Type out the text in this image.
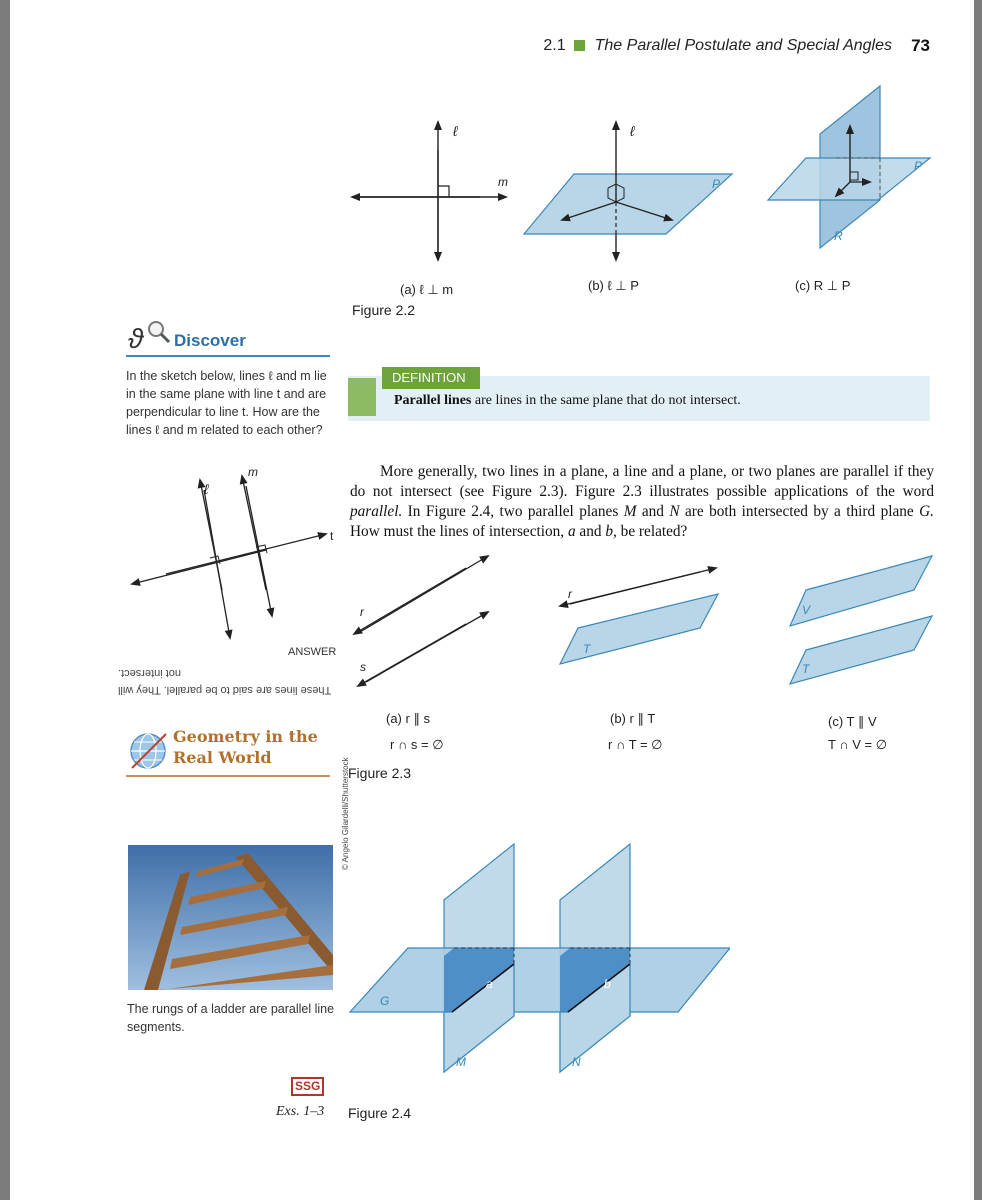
2.1 The Parallel Postulate and Special Angles 73
ℓ
m
(a) ℓ ⊥ m
ℓ
P
(b) ℓ ⊥ P
P
R
(c) R ⊥ P
Figure 2.2
ϑ Discover
In the sketch below, lines ℓ and m lie in the same plane with line t and are perpendicular to line t. How are the lines ℓ and m related to each other?
ℓ
m
t
ANSWER
These lines are said to be parallel. They will not intersect.
Geometry in the
Real World	© Angelo Gilardelli/Shutterstock
The rungs of a ladder are parallel line segments.
SSG
Exs. 1–3
DEFINITION
Parallel lines are lines in the same plane that do not intersect.
More generally, two lines in a plane, a line and a plane, or two planes are parallel if they do not intersect (see Figure 2.3). Figure 2.3 illustrates possible applications of the word parallel. In Figure 2.4, two parallel planes M and N are both intersected by a third plane G. How must the lines of intersection, a and b, be related?
r
s
(a) r ∥ s
r ∩ s = ∅
r
T
(b) r ∥ T
r ∩ T = ∅
V
T
(c) T ∥ V
T ∩ V = ∅
Figure 2.3
G
M	N
a	b
Figure 2.4
